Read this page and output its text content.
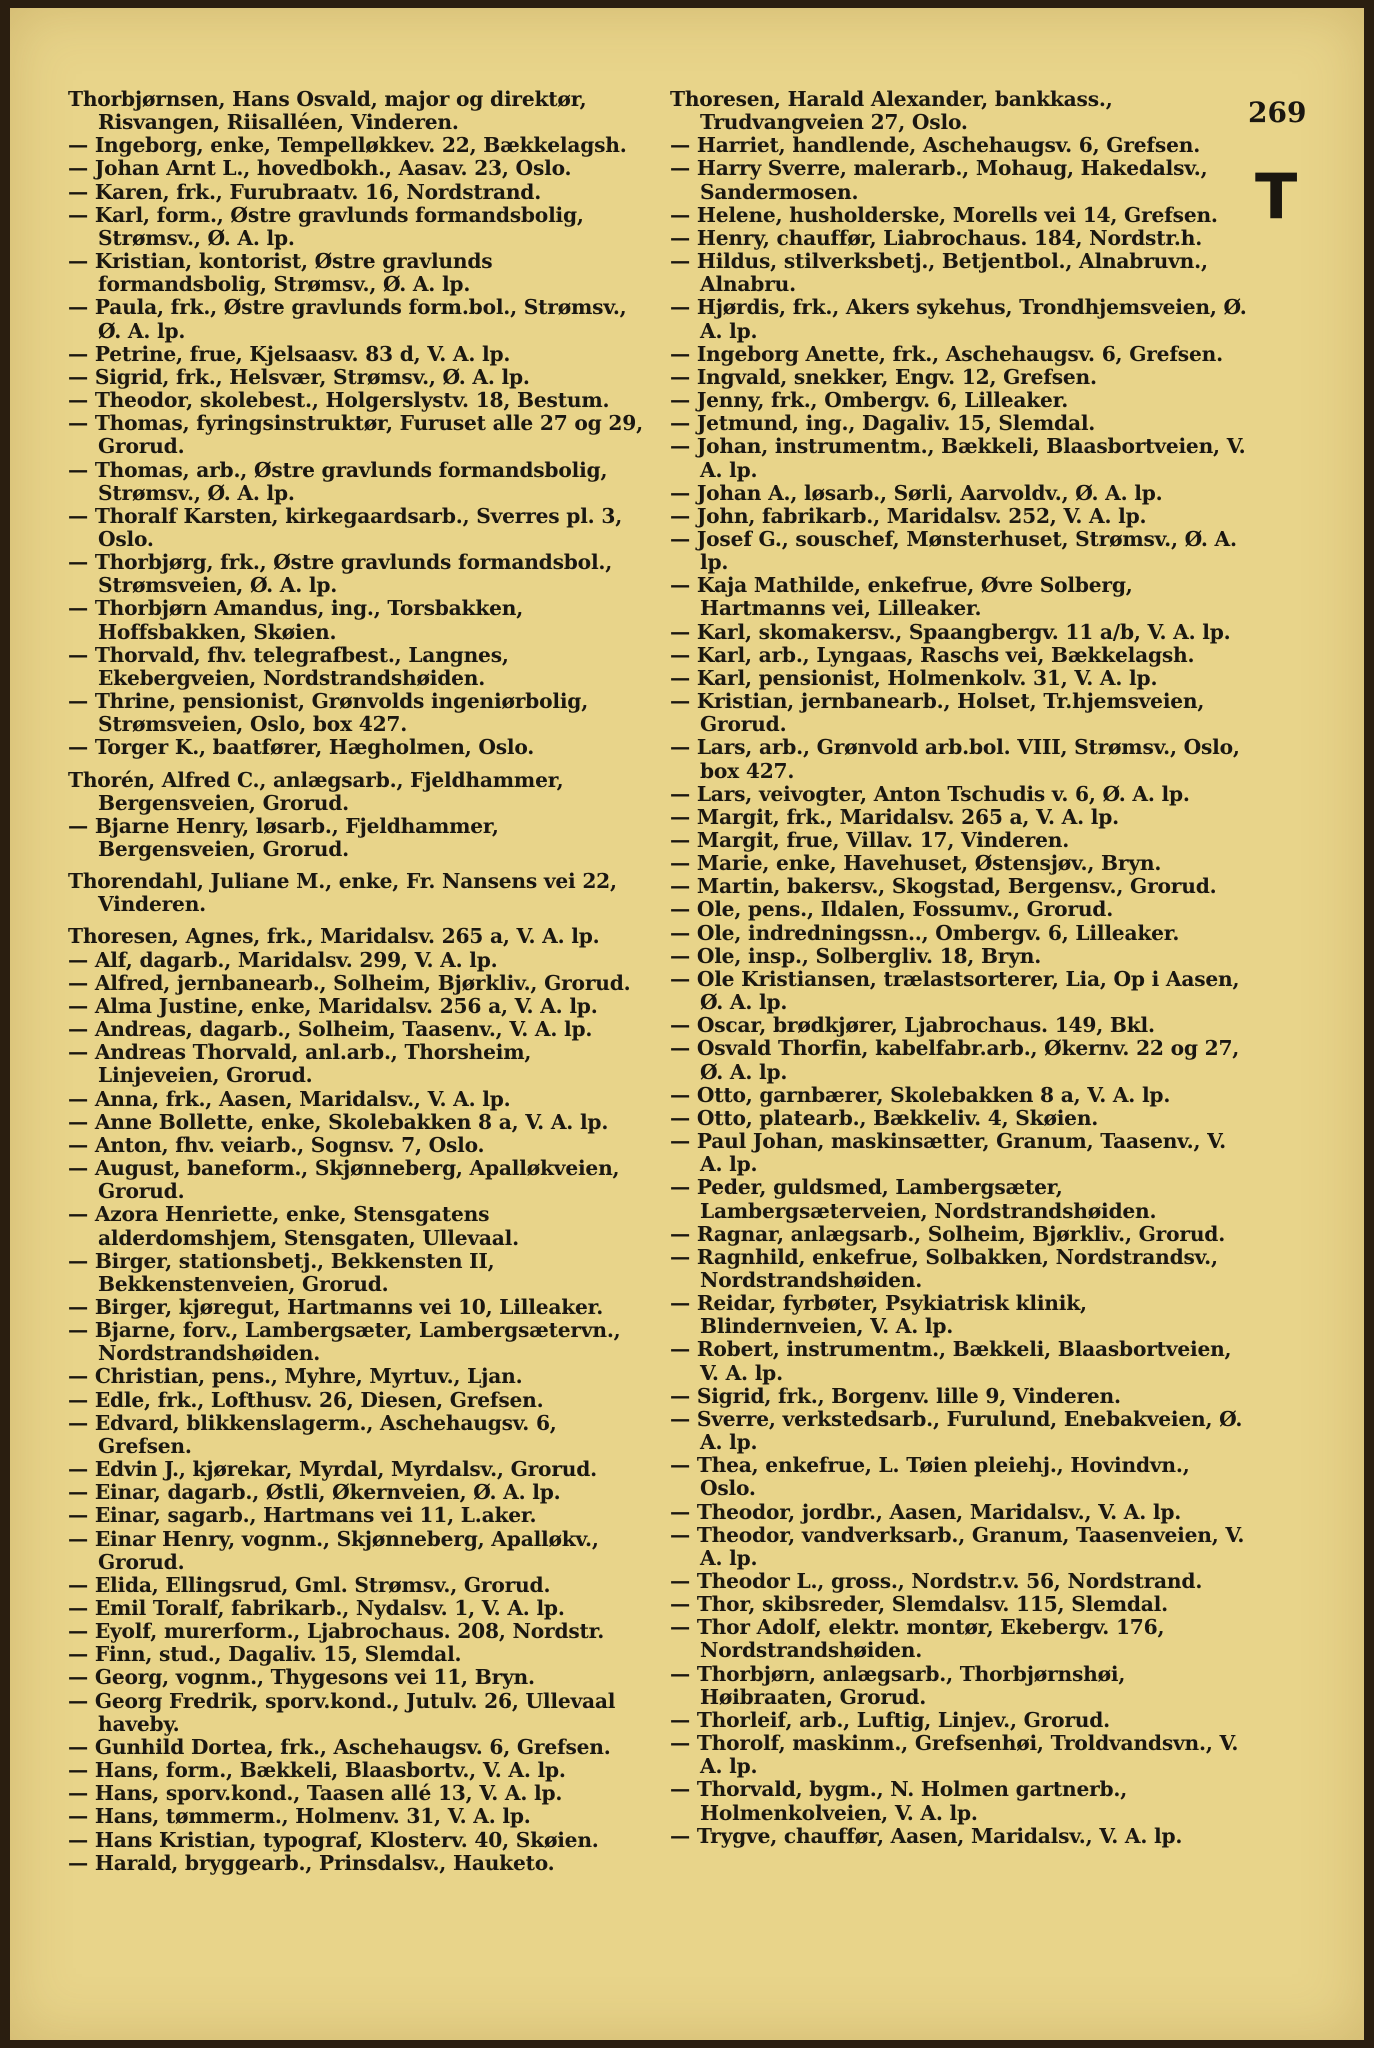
Thorbjørnsen, Hans Osvald, major og direktør, Risvangen, Riisalléen, Vinderen.

— Ingeborg, enke, Tempelløkkev. 22, Bækkelagsh.

— Johan Arnt L., hovedbokh., Aasav. 23, Oslo.

— Karen, frk., Furubraatv. 16, Nordstrand.

— Karl, form., Østre gravlunds formandsbolig, Strømsv., Ø. A. lp.

— Kristian, kontorist, Østre gravlunds formandsbolig, Strømsv., Ø. A. lp.

— Paula, frk., Østre gravlunds form.bol., Strømsv., Ø. A. lp.

— Petrine, frue, Kjelsaasv. 83 d, V. A. lp.

— Sigrid, frk., Helsvær, Strømsv., Ø. A. lp.

— Theodor, skolebest., Holgerslystv. 18, Bestum.

— Thomas, fyringsinstruktør, Furuset alle 27 og 29, Grorud.

— Thomas, arb., Østre gravlunds formandsbolig, Strømsv., Ø. A. lp.

— Thoralf Karsten, kirkegaardsarb., Sverres pl. 3, Oslo.

— Thorbjørg, frk., Østre gravlunds formandsbol., Strømsveien, Ø. A. lp.

— Thorbjørn Amandus, ing., Torsbakken, Hoffsbakken, Skøien.

— Thorvald, fhv. telegrafbest., Langnes, Ekebergveien, Nordstrandshøiden.

— Thrine, pensionist, Grønvolds ingeniørbolig, Strømsveien, Oslo, box 427.

— Torger K., baatfører, Hægholmen, Oslo.

Thorén, Alfred C., anlægsarb., Fjeldhammer, Bergensveien, Grorud.

— Bjarne Henry, løsarb., Fjeldhammer, Bergensveien, Grorud.

Thorendahl, Juliane M., enke, Fr. Nansens vei 22, Vinderen.

Thoresen, Agnes, frk., Maridalsv. 265 a, V. A. lp.

— Alf, dagarb., Maridalsv. 299, V. A. lp.

— Alfred, jernbanearb., Solheim, Bjørkliv., Grorud.

— Alma Justine, enke, Maridalsv. 256 a, V. A. lp.

— Andreas, dagarb., Solheim, Taasenv., V. A. lp.

— Andreas Thorvald, anl.arb., Thorsheim, Linjeveien, Grorud.

— Anna, frk., Aasen, Maridalsv., V. A. lp.

— Anne Bollette, enke, Skolebakken 8 a, V. A. lp.

— Anton, fhv. veiarb., Sognsv. 7, Oslo.

— August, baneform., Skjønneberg, Apalløkveien, Grorud.

— Azora Henriette, enke, Stensgatens alderdomshjem, Stensgaten, Ullevaal.

— Birger, stationsbetj., Bekkensten II, Bekkenstenveien, Grorud.

— Birger, kjøregut, Hartmanns vei 10, Lilleaker.

— Bjarne, forv., Lambergsæter, Lambergsætervn., Nordstrandshøiden.

— Christian, pens., Myhre, Myrtuv., Ljan.

— Edle, frk., Lofthusv. 26, Diesen, Grefsen.

— Edvard, blikkenslagerm., Aschehaugsv. 6, Grefsen.

— Edvin J., kjørekar, Myrdal, Myrdalsv., Grorud.

— Einar, dagarb., Østli, Økernveien, Ø. A. lp.

— Einar, sagarb., Hartmans vei 11, L.aker.

— Einar Henry, vognm., Skjønneberg, Apalløkv., Grorud.

— Elida, Ellingsrud, Gml. Strømsv., Grorud.

— Emil Toralf, fabrikarb., Nydalsv. 1, V. A. lp.

— Eyolf, murerform., Ljabrochaus. 208, Nordstr.

— Finn, stud., Dagaliv. 15, Slemdal.

— Georg, vognm., Thygesons vei 11, Bryn.

— Georg Fredrik, sporv.kond., Jutulv. 26, Ullevaal haveby.

— Gunhild Dortea, frk., Aschehaugsv. 6, Grefsen.

— Hans, form., Bækkeli, Blaasbortv., V. A. lp.

— Hans, sporv.kond., Taasen allé 13, V. A. lp.

— Hans, tømmerm., Holmenv. 31, V. A. lp.

— Hans Kristian, typograf, Klosterv. 40, Skøien.

— Harald, bryggearb., Prinsdalsv., Hauketo.

Thoresen, Harald Alexander, bankkass., Trudvangveien 27, Oslo.

— Harriet, handlende, Aschehaugsv. 6, Grefsen.

— Harry Sverre, malerarb., Mohaug, Hakedalsv., Sandermosen.

— Helene, husholderske, Morells vei 14, Grefsen.

— Henry, chauffør, Liabrochaus. 184, Nordstr.h.

— Hildus, stilverksbetj., Betjentbol., Alnabruvn., Alnabru.

— Hjørdis, frk., Akers sykehus, Trondhjemsveien, Ø. A. lp.

— Ingeborg Anette, frk., Aschehaugsv. 6, Grefsen.

— Ingvald, snekker, Engv. 12, Grefsen.

— Jenny, frk., Ombergv. 6, Lilleaker.

— Jetmund, ing., Dagaliv. 15, Slemdal.

— Johan, instrumentm., Bækkeli, Blaasbortveien, V. A. lp.

— Johan A., løsarb., Sørli, Aarvoldv., Ø. A. lp.

— John, fabrikarb., Maridalsv. 252, V. A. lp.

— Josef G., souschef, Mønsterhuset, Strømsv., Ø. A. lp.

— Kaja Mathilde, enkefrue, Øvre Solberg, Hartmanns vei, Lilleaker.

— Karl, skomakersv., Spaangbergv. 11 a/b, V. A. lp.

— Karl, arb., Lyngaas, Raschs vei, Bækkelagsh.

— Karl, pensionist, Holmenkolv. 31, V. A. lp.

— Kristian, jernbanearb., Holset, Tr.hjemsveien, Grorud.

— Lars, arb., Grønvold arb.bol. VIII, Strømsv., Oslo, box 427.

— Lars, veivogter, Anton Tschudis v. 6, Ø. A. lp.

— Margit, frk., Maridalsv. 265 a, V. A. lp.

— Margit, frue, Villav. 17, Vinderen.

— Marie, enke, Havehuset, Østensjøv., Bryn.

— Martin, bakersv., Skogstad, Bergensv., Grorud.

— Ole, pens., Ildalen, Fossumv., Grorud.

— Ole, indredningssn.., Ombergv. 6, Lilleaker.

— Ole, insp., Solbergliv. 18, Bryn.

— Ole Kristiansen, trælastsorterer, Lia, Op i Aasen, Ø. A. lp.

— Oscar, brødkjører, Ljabrochaus. 149, Bkl.

— Osvald Thorfin, kabelfabr.arb., Økernv. 22 og 27, Ø. A. lp.

— Otto, garnbærer, Skolebakken 8 a, V. A. lp.

— Otto, platearb., Bækkeliv. 4, Skøien.

— Paul Johan, maskinsætter, Granum, Taasenv., V. A. lp.

— Peder, guldsmed, Lambergsæter, Lambergsæterveien, Nordstrandshøiden.

— Ragnar, anlægsarb., Solheim, Bjørkliv., Grorud.

— Ragnhild, enkefrue, Solbakken, Nordstrandsv., Nordstrandshøiden.

— Reidar, fyrbøter, Psykiatrisk klinik, Blindernveien, V. A. lp.

— Robert, instrumentm., Bækkeli, Blaasbortveien, V. A. lp.

— Sigrid, frk., Borgenv. lille 9, Vinderen.

— Sverre, verkstedsarb., Furulund, Enebakveien, Ø. A. lp.

— Thea, enkefrue, L. Tøien pleiehj., Hovindvn., Oslo.

— Theodor, jordbr., Aasen, Maridalsv., V. A. lp.

— Theodor, vandverksarb., Granum, Taasenveien, V. A. lp.

— Theodor L., gross., Nordstr.v. 56, Nordstrand.

— Thor, skibsreder, Slemdalsv. 115, Slemdal.

— Thor Adolf, elektr. montør, Ekebergv. 176, Nordstrandshøiden.

— Thorbjørn, anlægsarb., Thorbjørnshøi, Høibraaten, Grorud.

— Thorleif, arb., Luftig, Linjev., Grorud.

— Thorolf, maskinm., Grefsenhøi, Troldvandsvn., V. A. lp.

— Thorvald, bygm., N. Holmen gartnerb., Holmenkolveien, V. A. lp.

— Trygve, chauffør, Aasen, Maridalsv., V. A. lp.

269
T
